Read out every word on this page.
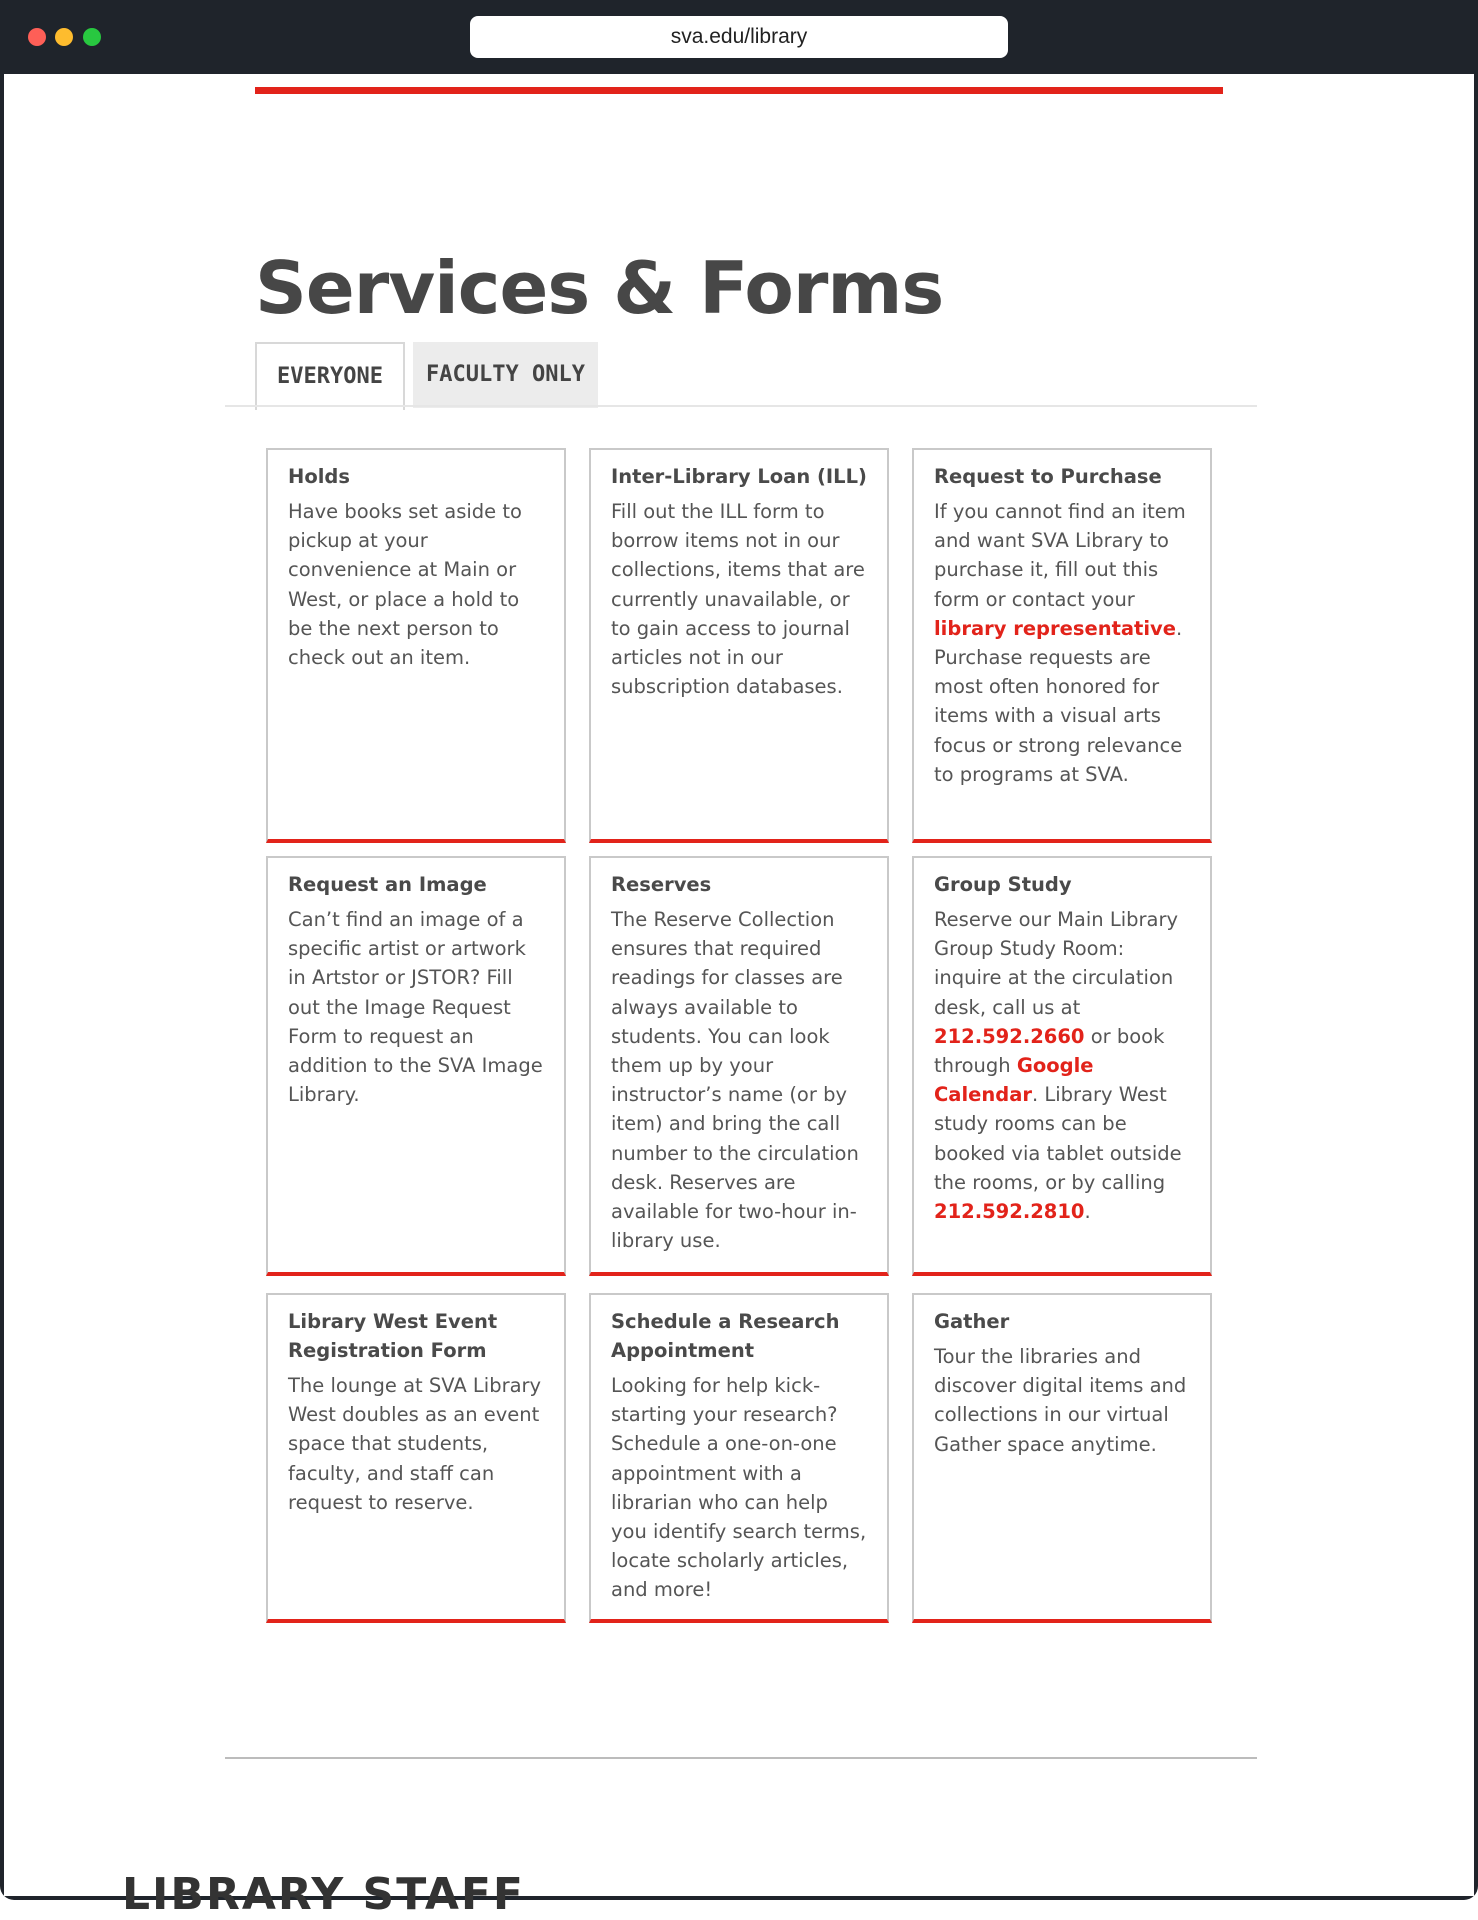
sva.edu/library
Services & Forms
EVERYONE	FACULTY ONLY
Holds
Have books set aside to pickup at your convenience at Main or West, or place a hold to be the next person to check out an item.
Inter-Library Loan (ILL)
Fill out the ILL form to borrow items not in our collections, items that are currently unavailable, or to gain access to journal articles not in our subscription databases.
Request to Purchase
If you cannot find an item and want SVA Library to purchase it, fill out this form or contact your library representative. Purchase requests are most often honored for items with a visual arts focus or strong relevance to programs at SVA.
Request an Image
Can’t find an image of a specific artist or artwork in Artstor or JSTOR? Fill out the Image Request Form to request an addition to the SVA Image Library.
Reserves
The Reserve Collection ensures that required readings for classes are always available to students. You can look them up by your instructor’s name (or by item) and bring the call number to the circulation desk. Reserves are available for two-hour in-library use.
Group Study
Reserve our Main Library Group Study Room: inquire at the circulation desk, call us at 212.592.2660 or book through Google Calendar. Library West study rooms can be booked via tablet outside the rooms, or by calling 212.592.2810.
Library West Event Registration Form
The lounge at SVA Library West doubles as an event space that students, faculty, and staff can request to reserve.
Schedule a Research Appointment
Looking for help kick-starting your research? Schedule a one-on-one appointment with a librarian who can help you identify search terms, locate scholarly articles, and more!
Gather
Tour the libraries and discover digital items and collections in our virtual Gather space anytime.
LIBRARY STAFF
